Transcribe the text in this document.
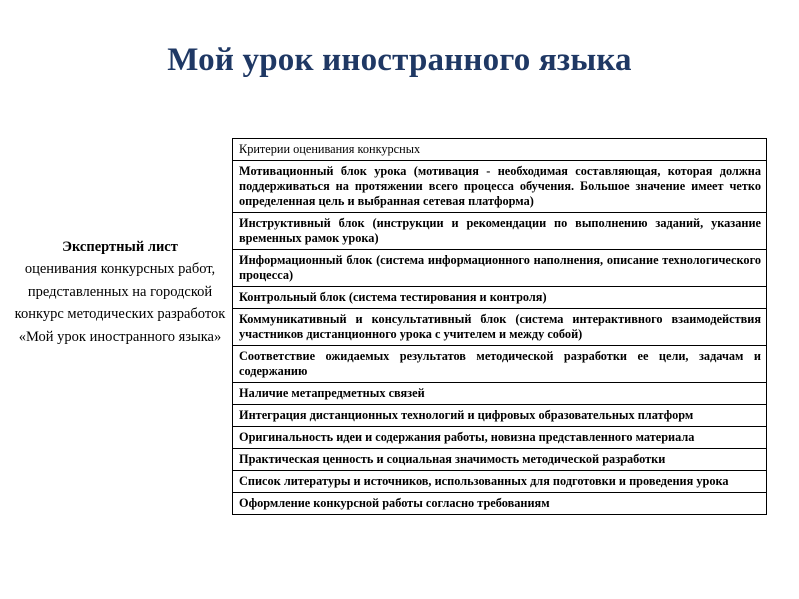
Мой урок иностранного языка
Экспертный лист
оценивания конкурсных работ, представленных на городской конкурс методических разработок «Мой урок иностранного языка»
Критерии оценивания конкурсных
Мотивационный блок урока (мотивация - необходимая составляющая, которая должна поддерживаться на протяжении всего процесса обучения. Большое значение имеет четко определенная цель и выбранная сетевая платформа)
Инструктивный блок (инструкции и рекомендации по выполнению заданий, указание временных рамок урока)
Информационный блок (система информационного наполнения, описание технологического процесса)
Контрольный блок (система тестирования и контроля)
Коммуникативный и консультативный блок (система интерактивного взаимодействия участников дистанционного урока с учителем и между собой)
Соответствие ожидаемых результатов методической разработки ее цели, задачам и содержанию
Наличие метапредметных связей
Интеграция дистанционных технологий и цифровых образовательных платформ
Оригинальность идеи и содержания работы, новизна представленного материала
Практическая ценность и социальная значимость методической разработки
Список литературы и источников, использованных для подготовки и проведения урока
Оформление конкурсной работы согласно требованиям
